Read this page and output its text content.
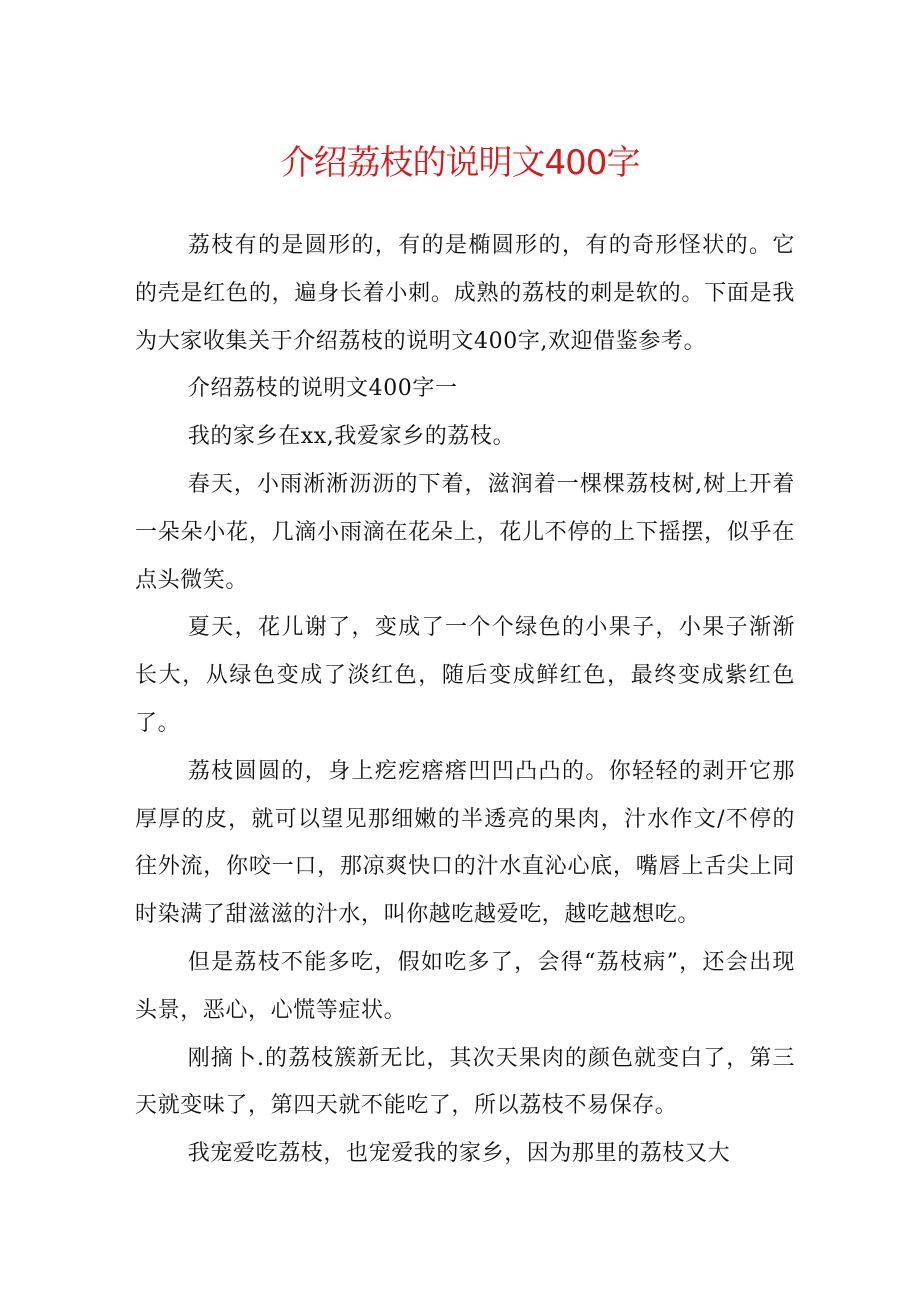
介绍荔枝的说明文400字

荔枝有的是圆形的，有的是椭圆形的，有的奇形怪状的。它的壳是红色的，遍身长着小刺。成熟的荔枝的刺是软的。下面是我为大家收集关于介绍荔枝的说明文400字,欢迎借鉴参考。

介绍荔枝的说明文400字一

我的家乡在xx,我爱家乡的荔枝。

春天，小雨淅淅沥沥的下着，滋润着一棵棵荔枝树,树上开着一朵朵小花，几滴小雨滴在花朵上，花儿不停的上下摇摆，似乎在点头微笑。

夏天，花儿谢了，变成了一个个绿色的小果子，小果子渐渐长大，从绿色变成了淡红色，随后变成鲜红色，最终变成紫红色了。

荔枝圆圆的，身上疙疙瘩瘩凹凹凸凸的。你轻轻的剥开它那厚厚的皮，就可以望见那细嫩的半透亮的果肉，汁水作文/不停的往外流，你咬一口，那凉爽快口的汁水直沁心底，嘴唇上舌尖上同时染满了甜滋滋的汁水，叫你越吃越爱吃，越吃越想吃。

但是荔枝不能多吃，假如吃多了，会得“荔枝病”，还会出现头景，恶心，心慌等症状。

刚摘卜.的荔枝簇新无比，其次天果肉的颜色就变白了，第三天就变味了，第四天就不能吃了，所以荔枝不易保存。

我宠爱吃荔枝，也宠爱我的家乡，因为那里的荔枝又大
